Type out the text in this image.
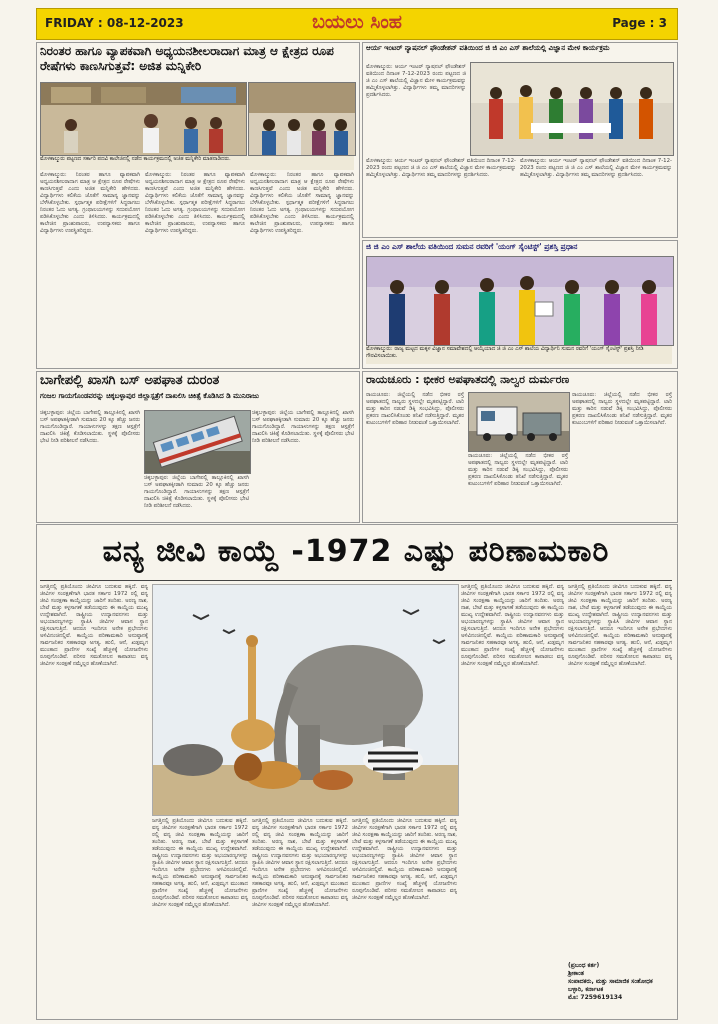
FRIDAY : 08-12-2023	ಬಯಲು ಸಿಂಹ	Page : 3
ನಿರಂತರ ಹಾಗೂ ವ್ಯಾಪಕವಾಗಿ ಅಧ್ಯಯನಶೀಲರಾದಾಗ ಮಾತ್ರ ಆ ಕ್ಷೇತ್ರದ ರೂಪ ರೇಷೆಗಳು ಕಾಣಸಿಗುತ್ತವೆ: ಅಜಿತ ಮನ್ನಿಕೇರಿ
ಮೊಳಕಾಲ್ಮುರು ಪಟ್ಟಣದ ಸರ್ಕಾರಿ ಪದವಿ ಕಾಲೇಜಿನಲ್ಲಿ ನಡೆದ ಕಾರ್ಯಕ್ರಮದಲ್ಲಿ ಅಜಿತ ಮನ್ನಿಕೇರಿ ಮಾತನಾಡಿದರು.
ಮೊಳಕಾಲ್ಮುರು: ನಿರಂತರ ಹಾಗೂ ವ್ಯಾಪಕವಾಗಿ ಅಧ್ಯಯನಶೀಲರಾದಾಗ ಮಾತ್ರ ಆ ಕ್ಷೇತ್ರದ ರೂಪ ರೇಷೆಗಳು ಕಾಣಸಿಗುತ್ತವೆ ಎಂದು ಅಜಿತ ಮನ್ನಿಕೇರಿ ಹೇಳಿದರು. ವಿದ್ಯಾರ್ಥಿಗಳು ಕಲಿಕೆಯ ಜೊತೆಗೆ ಸಾಮಾನ್ಯ ಜ್ಞಾನವನ್ನು ಬೆಳೆಸಿಕೊಳ್ಳಬೇಕು. ಸ್ಪರ್ಧಾತ್ಮಕ ಪರೀಕ್ಷೆಗಳಿಗೆ ಸಿದ್ಧರಾಗಲು ನಿರಂತರ ಓದು ಅಗತ್ಯ. ಗ್ರಂಥಾಲಯಗಳನ್ನು ಸದುಪಯೋಗ ಪಡಿಸಿಕೊಳ್ಳಬೇಕು ಎಂದು ತಿಳಿಸಿದರು. ಕಾರ್ಯಕ್ರಮದಲ್ಲಿ ಕಾಲೇಜಿನ ಪ್ರಾಂಶುಪಾಲರು, ಉಪನ್ಯಾಸಕರು ಹಾಗೂ ವಿದ್ಯಾರ್ಥಿಗಳು ಉಪಸ್ಥಿತರಿದ್ದರು.
ಮೊಳಕಾಲ್ಮುರು: ನಿರಂತರ ಹಾಗೂ ವ್ಯಾಪಕವಾಗಿ ಅಧ್ಯಯನಶೀಲರಾದಾಗ ಮಾತ್ರ ಆ ಕ್ಷೇತ್ರದ ರೂಪ ರೇಷೆಗಳು ಕಾಣಸಿಗುತ್ತವೆ ಎಂದು ಅಜಿತ ಮನ್ನಿಕೇರಿ ಹೇಳಿದರು. ವಿದ್ಯಾರ್ಥಿಗಳು ಕಲಿಕೆಯ ಜೊತೆಗೆ ಸಾಮಾನ್ಯ ಜ್ಞಾನವನ್ನು ಬೆಳೆಸಿಕೊಳ್ಳಬೇಕು. ಸ್ಪರ್ಧಾತ್ಮಕ ಪರೀಕ್ಷೆಗಳಿಗೆ ಸಿದ್ಧರಾಗಲು ನಿರಂತರ ಓದು ಅಗತ್ಯ. ಗ್ರಂಥಾಲಯಗಳನ್ನು ಸದುಪಯೋಗ ಪಡಿಸಿಕೊಳ್ಳಬೇಕು ಎಂದು ತಿಳಿಸಿದರು. ಕಾರ್ಯಕ್ರಮದಲ್ಲಿ ಕಾಲೇಜಿನ ಪ್ರಾಂಶುಪಾಲರು, ಉಪನ್ಯಾಸಕರು ಹಾಗೂ ವಿದ್ಯಾರ್ಥಿಗಳು ಉಪಸ್ಥಿತರಿದ್ದರು.
ಮೊಳಕಾಲ್ಮುರು: ನಿರಂತರ ಹಾಗೂ ವ್ಯಾಪಕವಾಗಿ ಅಧ್ಯಯನಶೀಲರಾದಾಗ ಮಾತ್ರ ಆ ಕ್ಷೇತ್ರದ ರೂಪ ರೇಷೆಗಳು ಕಾಣಸಿಗುತ್ತವೆ ಎಂದು ಅಜಿತ ಮನ್ನಿಕೇರಿ ಹೇಳಿದರು. ವಿದ್ಯಾರ್ಥಿಗಳು ಕಲಿಕೆಯ ಜೊತೆಗೆ ಸಾಮಾನ್ಯ ಜ್ಞಾನವನ್ನು ಬೆಳೆಸಿಕೊಳ್ಳಬೇಕು. ಸ್ಪರ್ಧಾತ್ಮಕ ಪರೀಕ್ಷೆಗಳಿಗೆ ಸಿದ್ಧರಾಗಲು ನಿರಂತರ ಓದು ಅಗತ್ಯ. ಗ್ರಂಥಾಲಯಗಳನ್ನು ಸದುಪಯೋಗ ಪಡಿಸಿಕೊಳ್ಳಬೇಕು ಎಂದು ತಿಳಿಸಿದರು. ಕಾರ್ಯಕ್ರಮದಲ್ಲಿ ಕಾಲೇಜಿನ ಪ್ರಾಂಶುಪಾಲರು, ಉಪನ್ಯಾಸಕರು ಹಾಗೂ ವಿದ್ಯಾರ್ಥಿಗಳು ಉಪಸ್ಥಿತರಿದ್ದರು.
ಆರ್ಯ ಇಂಟರ್ ನ್ಯಾಷನಲ್ ಫೌಂಡೇಶನ್ ವತಿಯಿಂದ ಜಿ ಜಿ ಎಂ ಎಸ್ ಶಾಲೆಯಲ್ಲಿ ವಿಜ್ಞಾನ ಮೇಳ ಕಾರ್ಯಕ್ರಮ
ಮೊಳಕಾಲ್ಮುರು: ಆರ್ಯ ಇಂಟರ್ ನ್ಯಾಷನಲ್ ಫೌಂಡೇಶನ್ ವತಿಯಿಂದ ದಿನಾಂಕ 7-12-2023 ರಂದು ಪಟ್ಟಣದ ಜಿ ಜಿ ಎಂ ಎಸ್ ಶಾಲೆಯಲ್ಲಿ ವಿಜ್ಞಾನ ಮೇಳ ಕಾರ್ಯಕ್ರಮವನ್ನು ಹಮ್ಮಿಕೊಳ್ಳಲಾಗಿತ್ತು. ವಿದ್ಯಾರ್ಥಿಗಳು ತಮ್ಮ ಮಾದರಿಗಳನ್ನು ಪ್ರದರ್ಶಿಸಿದರು.
ಮೊಳಕಾಲ್ಮುರು: ಆರ್ಯ ಇಂಟರ್ ನ್ಯಾಷನಲ್ ಫೌಂಡೇಶನ್ ವತಿಯಿಂದ ದಿನಾಂಕ 7-12-2023 ರಂದು ಪಟ್ಟಣದ ಜಿ ಜಿ ಎಂ ಎಸ್ ಶಾಲೆಯಲ್ಲಿ ವಿಜ್ಞಾನ ಮೇಳ ಕಾರ್ಯಕ್ರಮವನ್ನು ಹಮ್ಮಿಕೊಳ್ಳಲಾಗಿತ್ತು. ವಿದ್ಯಾರ್ಥಿಗಳು ತಮ್ಮ ಮಾದರಿಗಳನ್ನು ಪ್ರದರ್ಶಿಸಿದರು.
ಮೊಳಕಾಲ್ಮುರು: ಆರ್ಯ ಇಂಟರ್ ನ್ಯಾಷನಲ್ ಫೌಂಡೇಶನ್ ವತಿಯಿಂದ ದಿನಾಂಕ 7-12-2023 ರಂದು ಪಟ್ಟಣದ ಜಿ ಜಿ ಎಂ ಎಸ್ ಶಾಲೆಯಲ್ಲಿ ವಿಜ್ಞಾನ ಮೇಳ ಕಾರ್ಯಕ್ರಮವನ್ನು ಹಮ್ಮಿಕೊಳ್ಳಲಾಗಿತ್ತು. ವಿದ್ಯಾರ್ಥಿಗಳು ತಮ್ಮ ಮಾದರಿಗಳನ್ನು ಪ್ರದರ್ಶಿಸಿದರು.
ಜಿ ಜಿ ಎಂ ಎಸ್ ಶಾಲೆಯ ವತಿಯಿಂದ ಸುಮನ ರವರಿಗೆ 'ಯಂಗ್ ಸೈಂಟಿಸ್ಟ್' ಪ್ರಶಸ್ತಿ ಪ್ರಧಾನ
ಮೊಳಕಾಲ್ಮುರು: ರಾಜ್ಯ ಮಟ್ಟದ ಮಕ್ಕಳ ವಿಜ್ಞಾನ ಸಮಾವೇಶದಲ್ಲಿ ಆಯ್ಕೆಯಾದ ಜಿ ಜಿ ಎಂ ಎಸ್ ಶಾಲೆಯ ವಿದ್ಯಾರ್ಥಿನಿ ಸುಮನ ರವರಿಗೆ 'ಯಂಗ್ ಸೈಂಟಿಸ್ಟ್' ಪ್ರಶಸ್ತಿ ನೀಡಿ ಗೌರವಿಸಲಾಯಿತು.
ಬಾಗೇಪಲ್ಲಿ ಖಾಸಗಿ ಬಸ್ ಅಪಘಾತ ದುರಂತ
ಗಂಜಲ ಗಾಯಗೊಂಡವರನ್ನು ಚಿಕ್ಕಬಳ್ಳಾಪುರ ಜಿಲ್ಲಾಸ್ಪತ್ರೆಗೆ ದಾಖಲಿಸಿ ಚಿಕಿತ್ಸೆ ಕೊಡಿಸಿದ ಡಿ ಮುನಿರಾಜು
ಚಿಕ್ಕಬಳ್ಳಾಪುರ: ಜಿಲ್ಲೆಯ ಬಾಗೇಪಲ್ಲಿ ತಾಲ್ಲೂಕಿನಲ್ಲಿ ಖಾಸಗಿ ಬಸ್ ಅಪಘಾತಕ್ಕೀಡಾಗಿ ಸುಮಾರು 20 ಕ್ಕೂ ಹೆಚ್ಚು ಜನರು ಗಾಯಗೊಂಡಿದ್ದಾರೆ. ಗಾಯಾಳುಗಳನ್ನು ತಕ್ಷಣ ಆಸ್ಪತ್ರೆಗೆ ದಾಖಲಿಸಿ ಚಿಕಿತ್ಸೆ ಕೊಡಿಸಲಾಯಿತು. ಸ್ಥಳಕ್ಕೆ ಪೊಲೀಸರು ಭೇಟಿ ನೀಡಿ ಪರಿಶೀಲನೆ ನಡೆಸಿದರು.
ಚಿಕ್ಕಬಳ್ಳಾಪುರ: ಜಿಲ್ಲೆಯ ಬಾಗೇಪಲ್ಲಿ ತಾಲ್ಲೂಕಿನಲ್ಲಿ ಖಾಸಗಿ ಬಸ್ ಅಪಘಾತಕ್ಕೀಡಾಗಿ ಸುಮಾರು 20 ಕ್ಕೂ ಹೆಚ್ಚು ಜನರು ಗಾಯಗೊಂಡಿದ್ದಾರೆ. ಗಾಯಾಳುಗಳನ್ನು ತಕ್ಷಣ ಆಸ್ಪತ್ರೆಗೆ ದಾಖಲಿಸಿ ಚಿಕಿತ್ಸೆ ಕೊಡಿಸಲಾಯಿತು. ಸ್ಥಳಕ್ಕೆ ಪೊಲೀಸರು ಭೇಟಿ ನೀಡಿ ಪರಿಶೀಲನೆ ನಡೆಸಿದರು.
ಚಿಕ್ಕಬಳ್ಳಾಪುರ: ಜಿಲ್ಲೆಯ ಬಾಗೇಪಲ್ಲಿ ತಾಲ್ಲೂಕಿನಲ್ಲಿ ಖಾಸಗಿ ಬಸ್ ಅಪಘಾತಕ್ಕೀಡಾಗಿ ಸುಮಾರು 20 ಕ್ಕೂ ಹೆಚ್ಚು ಜನರು ಗಾಯಗೊಂಡಿದ್ದಾರೆ. ಗಾಯಾಳುಗಳನ್ನು ತಕ್ಷಣ ಆಸ್ಪತ್ರೆಗೆ ದಾಖಲಿಸಿ ಚಿಕಿತ್ಸೆ ಕೊಡಿಸಲಾಯಿತು. ಸ್ಥಳಕ್ಕೆ ಪೊಲೀಸರು ಭೇಟಿ ನೀಡಿ ಪರಿಶೀಲನೆ ನಡೆಸಿದರು.
ರಾಯಚೂರು : ಭೀಕರ ಅಪಘಾತದಲ್ಲಿ ನಾಲ್ವರ ದುರ್ಮರಣ
ರಾಯಚೂರು: ಜಿಲ್ಲೆಯಲ್ಲಿ ನಡೆದ ಭೀಕರ ರಸ್ತೆ ಅಪಘಾತದಲ್ಲಿ ನಾಲ್ವರು ಸ್ಥಳದಲ್ಲೇ ಮೃತಪಟ್ಟಿದ್ದಾರೆ. ಲಾರಿ ಮತ್ತು ಕಾರಿನ ನಡುವೆ ಡಿಕ್ಕಿ ಸಂಭವಿಸಿದ್ದು, ಪೊಲೀಸರು ಪ್ರಕರಣ ದಾಖಲಿಸಿಕೊಂಡು ತನಿಖೆ ನಡೆಸುತ್ತಿದ್ದಾರೆ. ಮೃತರ ಕುಟುಂಬಗಳಿಗೆ ಪರಿಹಾರ ನೀಡುವಂತೆ ಒತ್ತಾಯಿಸಲಾಗಿದೆ.
ರಾಯಚೂರು: ಜಿಲ್ಲೆಯಲ್ಲಿ ನಡೆದ ಭೀಕರ ರಸ್ತೆ ಅಪಘಾತದಲ್ಲಿ ನಾಲ್ವರು ಸ್ಥಳದಲ್ಲೇ ಮೃತಪಟ್ಟಿದ್ದಾರೆ. ಲಾರಿ ಮತ್ತು ಕಾರಿನ ನಡುವೆ ಡಿಕ್ಕಿ ಸಂಭವಿಸಿದ್ದು, ಪೊಲೀಸರು ಪ್ರಕರಣ ದಾಖಲಿಸಿಕೊಂಡು ತನಿಖೆ ನಡೆಸುತ್ತಿದ್ದಾರೆ. ಮೃತರ ಕುಟುಂಬಗಳಿಗೆ ಪರಿಹಾರ ನೀಡುವಂತೆ ಒತ್ತಾಯಿಸಲಾಗಿದೆ.
ರಾಯಚೂರು: ಜಿಲ್ಲೆಯಲ್ಲಿ ನಡೆದ ಭೀಕರ ರಸ್ತೆ ಅಪಘಾತದಲ್ಲಿ ನಾಲ್ವರು ಸ್ಥಳದಲ್ಲೇ ಮೃತಪಟ್ಟಿದ್ದಾರೆ. ಲಾರಿ ಮತ್ತು ಕಾರಿನ ನಡುವೆ ಡಿಕ್ಕಿ ಸಂಭವಿಸಿದ್ದು, ಪೊಲೀಸರು ಪ್ರಕರಣ ದಾಖಲಿಸಿಕೊಂಡು ತನಿಖೆ ನಡೆಸುತ್ತಿದ್ದಾರೆ. ಮೃತರ ಕುಟುಂಬಗಳಿಗೆ ಪರಿಹಾರ ನೀಡುವಂತೆ ಒತ್ತಾಯಿಸಲಾಗಿದೆ.
ವನ್ಯ ಜೀವಿ ಕಾಯ್ದೆ -1972 ಎಷ್ಟು ಪರಿಣಾಮಕಾರಿ
ಜಗತ್ತಿನಲ್ಲಿ ಪ್ರತಿಯೊಂದು ಜೀವಿಗೂ ಬದುಕುವ ಹಕ್ಕಿದೆ. ವನ್ಯ ಜೀವಿಗಳ ಸಂರಕ್ಷಣೆಗಾಗಿ ಭಾರತ ಸರ್ಕಾರ 1972 ರಲ್ಲಿ ವನ್ಯ ಜೀವಿ ಸಂರಕ್ಷಣಾ ಕಾಯ್ದೆಯನ್ನು ಜಾರಿಗೆ ತಂದಿತು. ಅರಣ್ಯ ನಾಶ, ಬೇಟೆ ಮತ್ತು ಕಳ್ಳಸಾಗಣೆ ತಡೆಯುವುದು ಈ ಕಾಯ್ದೆಯ ಮುಖ್ಯ ಉದ್ದೇಶವಾಗಿದೆ. ರಾಷ್ಟ್ರೀಯ ಉದ್ಯಾನವನಗಳು ಮತ್ತು ಅಭಯಾರಣ್ಯಗಳನ್ನು ಸ್ಥಾಪಿಸಿ ಜೀವಿಗಳ ಆವಾಸ ಸ್ಥಾನ ರಕ್ಷಿಸಲಾಗುತ್ತಿದೆ. ಆದರೂ ಇಂದಿಗೂ ಅನೇಕ ಪ್ರಭೇದಗಳು ಅಳಿವಿನಂಚಿನಲ್ಲಿವೆ. ಕಾಯ್ದೆಯ ಪರಿಣಾಮಕಾರಿ ಅನುಷ್ಠಾನಕ್ಕೆ ಸಾರ್ವಜನಿಕರ ಸಹಕಾರವೂ ಅಗತ್ಯ. ಹುಲಿ, ಆನೆ, ಖಡ್ಗಮೃಗ ಮುಂತಾದ ಪ್ರಾಣಿಗಳ ಸಂಖ್ಯೆ ಹೆಚ್ಚಳಕ್ಕೆ ಯೋಜನೆಗಳು ರೂಪುಗೊಂಡಿವೆ. ಪರಿಸರ ಸಮತೋಲನ ಕಾಪಾಡಲು ವನ್ಯ ಜೀವಿಗಳ ಸಂರಕ್ಷಣೆ ನಮ್ಮೆಲ್ಲರ ಹೊಣೆಯಾಗಿದೆ.
ಜಗತ್ತಿನಲ್ಲಿ ಪ್ರತಿಯೊಂದು ಜೀವಿಗೂ ಬದುಕುವ ಹಕ್ಕಿದೆ. ವನ್ಯ ಜೀವಿಗಳ ಸಂರಕ್ಷಣೆಗಾಗಿ ಭಾರತ ಸರ್ಕಾರ 1972 ರಲ್ಲಿ ವನ್ಯ ಜೀವಿ ಸಂರಕ್ಷಣಾ ಕಾಯ್ದೆಯನ್ನು ಜಾರಿಗೆ ತಂದಿತು. ಅರಣ್ಯ ನಾಶ, ಬೇಟೆ ಮತ್ತು ಕಳ್ಳಸಾಗಣೆ ತಡೆಯುವುದು ಈ ಕಾಯ್ದೆಯ ಮುಖ್ಯ ಉದ್ದೇಶವಾಗಿದೆ. ರಾಷ್ಟ್ರೀಯ ಉದ್ಯಾನವನಗಳು ಮತ್ತು ಅಭಯಾರಣ್ಯಗಳನ್ನು ಸ್ಥಾಪಿಸಿ ಜೀವಿಗಳ ಆವಾಸ ಸ್ಥಾನ ರಕ್ಷಿಸಲಾಗುತ್ತಿದೆ. ಆದರೂ ಇಂದಿಗೂ ಅನೇಕ ಪ್ರಭೇದಗಳು ಅಳಿವಿನಂಚಿನಲ್ಲಿವೆ. ಕಾಯ್ದೆಯ ಪರಿಣಾಮಕಾರಿ ಅನುಷ್ಠಾನಕ್ಕೆ ಸಾರ್ವಜನಿಕರ ಸಹಕಾರವೂ ಅಗತ್ಯ. ಹುಲಿ, ಆನೆ, ಖಡ್ಗಮೃಗ ಮುಂತಾದ ಪ್ರಾಣಿಗಳ ಸಂಖ್ಯೆ ಹೆಚ್ಚಳಕ್ಕೆ ಯೋಜನೆಗಳು ರೂಪುಗೊಂಡಿವೆ. ಪರಿಸರ ಸಮತೋಲನ ಕಾಪಾಡಲು ವನ್ಯ ಜೀವಿಗಳ ಸಂರಕ್ಷಣೆ ನಮ್ಮೆಲ್ಲರ ಹೊಣೆಯಾಗಿದೆ.
ಜಗತ್ತಿನಲ್ಲಿ ಪ್ರತಿಯೊಂದು ಜೀವಿಗೂ ಬದುಕುವ ಹಕ್ಕಿದೆ. ವನ್ಯ ಜೀವಿಗಳ ಸಂರಕ್ಷಣೆಗಾಗಿ ಭಾರತ ಸರ್ಕಾರ 1972 ರಲ್ಲಿ ವನ್ಯ ಜೀವಿ ಸಂರಕ್ಷಣಾ ಕಾಯ್ದೆಯನ್ನು ಜಾರಿಗೆ ತಂದಿತು. ಅರಣ್ಯ ನಾಶ, ಬೇಟೆ ಮತ್ತು ಕಳ್ಳಸಾಗಣೆ ತಡೆಯುವುದು ಈ ಕಾಯ್ದೆಯ ಮುಖ್ಯ ಉದ್ದೇಶವಾಗಿದೆ. ರಾಷ್ಟ್ರೀಯ ಉದ್ಯಾನವನಗಳು ಮತ್ತು ಅಭಯಾರಣ್ಯಗಳನ್ನು ಸ್ಥಾಪಿಸಿ ಜೀವಿಗಳ ಆವಾಸ ಸ್ಥಾನ ರಕ್ಷಿಸಲಾಗುತ್ತಿದೆ. ಆದರೂ ಇಂದಿಗೂ ಅನೇಕ ಪ್ರಭೇದಗಳು ಅಳಿವಿನಂಚಿನಲ್ಲಿವೆ. ಕಾಯ್ದೆಯ ಪರಿಣಾಮಕಾರಿ ಅನುಷ್ಠಾನಕ್ಕೆ ಸಾರ್ವಜನಿಕರ ಸಹಕಾರವೂ ಅಗತ್ಯ. ಹುಲಿ, ಆನೆ, ಖಡ್ಗಮೃಗ ಮುಂತಾದ ಪ್ರಾಣಿಗಳ ಸಂಖ್ಯೆ ಹೆಚ್ಚಳಕ್ಕೆ ಯೋಜನೆಗಳು ರೂಪುಗೊಂಡಿವೆ. ಪರಿಸರ ಸಮತೋಲನ ಕಾಪಾಡಲು ವನ್ಯ ಜೀವಿಗಳ ಸಂರಕ್ಷಣೆ ನಮ್ಮೆಲ್ಲರ ಹೊಣೆಯಾಗಿದೆ.
ಜಗತ್ತಿನಲ್ಲಿ ಪ್ರತಿಯೊಂದು ಜೀವಿಗೂ ಬದುಕುವ ಹಕ್ಕಿದೆ. ವನ್ಯ ಜೀವಿಗಳ ಸಂರಕ್ಷಣೆಗಾಗಿ ಭಾರತ ಸರ್ಕಾರ 1972 ರಲ್ಲಿ ವನ್ಯ ಜೀವಿ ಸಂರಕ್ಷಣಾ ಕಾಯ್ದೆಯನ್ನು ಜಾರಿಗೆ ತಂದಿತು. ಅರಣ್ಯ ನಾಶ, ಬೇಟೆ ಮತ್ತು ಕಳ್ಳಸಾಗಣೆ ತಡೆಯುವುದು ಈ ಕಾಯ್ದೆಯ ಮುಖ್ಯ ಉದ್ದೇಶವಾಗಿದೆ. ರಾಷ್ಟ್ರೀಯ ಉದ್ಯಾನವನಗಳು ಮತ್ತು ಅಭಯಾರಣ್ಯಗಳನ್ನು ಸ್ಥಾಪಿಸಿ ಜೀವಿಗಳ ಆವಾಸ ಸ್ಥಾನ ರಕ್ಷಿಸಲಾಗುತ್ತಿದೆ. ಆದರೂ ಇಂದಿಗೂ ಅನೇಕ ಪ್ರಭೇದಗಳು ಅಳಿವಿನಂಚಿನಲ್ಲಿವೆ. ಕಾಯ್ದೆಯ ಪರಿಣಾಮಕಾರಿ ಅನುಷ್ಠಾನಕ್ಕೆ ಸಾರ್ವಜನಿಕರ ಸಹಕಾರವೂ ಅಗತ್ಯ. ಹುಲಿ, ಆನೆ, ಖಡ್ಗಮೃಗ ಮುಂತಾದ ಪ್ರಾಣಿಗಳ ಸಂಖ್ಯೆ ಹೆಚ್ಚಳಕ್ಕೆ ಯೋಜನೆಗಳು ರೂಪುಗೊಂಡಿವೆ. ಪರಿಸರ ಸಮತೋಲನ ಕಾಪಾಡಲು ವನ್ಯ ಜೀವಿಗಳ ಸಂರಕ್ಷಣೆ ನಮ್ಮೆಲ್ಲರ ಹೊಣೆಯಾಗಿದೆ.
ಜಗತ್ತಿನಲ್ಲಿ ಪ್ರತಿಯೊಂದು ಜೀವಿಗೂ ಬದುಕುವ ಹಕ್ಕಿದೆ. ವನ್ಯ ಜೀವಿಗಳ ಸಂರಕ್ಷಣೆಗಾಗಿ ಭಾರತ ಸರ್ಕಾರ 1972 ರಲ್ಲಿ ವನ್ಯ ಜೀವಿ ಸಂರಕ್ಷಣಾ ಕಾಯ್ದೆಯನ್ನು ಜಾರಿಗೆ ತಂದಿತು. ಅರಣ್ಯ ನಾಶ, ಬೇಟೆ ಮತ್ತು ಕಳ್ಳಸಾಗಣೆ ತಡೆಯುವುದು ಈ ಕಾಯ್ದೆಯ ಮುಖ್ಯ ಉದ್ದೇಶವಾಗಿದೆ. ರಾಷ್ಟ್ರೀಯ ಉದ್ಯಾನವನಗಳು ಮತ್ತು ಅಭಯಾರಣ್ಯಗಳನ್ನು ಸ್ಥಾಪಿಸಿ ಜೀವಿಗಳ ಆವಾಸ ಸ್ಥಾನ ರಕ್ಷಿಸಲಾಗುತ್ತಿದೆ. ಆದರೂ ಇಂದಿಗೂ ಅನೇಕ ಪ್ರಭೇದಗಳು ಅಳಿವಿನಂಚಿನಲ್ಲಿವೆ. ಕಾಯ್ದೆಯ ಪರಿಣಾಮಕಾರಿ ಅನುಷ್ಠಾನಕ್ಕೆ ಸಾರ್ವಜನಿಕರ ಸಹಕಾರವೂ ಅಗತ್ಯ. ಹುಲಿ, ಆನೆ, ಖಡ್ಗಮೃಗ ಮುಂತಾದ ಪ್ರಾಣಿಗಳ ಸಂಖ್ಯೆ ಹೆಚ್ಚಳಕ್ಕೆ ಯೋಜನೆಗಳು ರೂಪುಗೊಂಡಿವೆ. ಪರಿಸರ ಸಮತೋಲನ ಕಾಪಾಡಲು ವನ್ಯ ಜೀವಿಗಳ ಸಂರಕ್ಷಣೆ ನಮ್ಮೆಲ್ಲರ ಹೊಣೆಯಾಗಿದೆ.
ಜಗತ್ತಿನಲ್ಲಿ ಪ್ರತಿಯೊಂದು ಜೀವಿಗೂ ಬದುಕುವ ಹಕ್ಕಿದೆ. ವನ್ಯ ಜೀವಿಗಳ ಸಂರಕ್ಷಣೆಗಾಗಿ ಭಾರತ ಸರ್ಕಾರ 1972 ರಲ್ಲಿ ವನ್ಯ ಜೀವಿ ಸಂರಕ್ಷಣಾ ಕಾಯ್ದೆಯನ್ನು ಜಾರಿಗೆ ತಂದಿತು. ಅರಣ್ಯ ನಾಶ, ಬೇಟೆ ಮತ್ತು ಕಳ್ಳಸಾಗಣೆ ತಡೆಯುವುದು ಈ ಕಾಯ್ದೆಯ ಮುಖ್ಯ ಉದ್ದೇಶವಾಗಿದೆ. ರಾಷ್ಟ್ರೀಯ ಉದ್ಯಾನವನಗಳು ಮತ್ತು ಅಭಯಾರಣ್ಯಗಳನ್ನು ಸ್ಥಾಪಿಸಿ ಜೀವಿಗಳ ಆವಾಸ ಸ್ಥಾನ ರಕ್ಷಿಸಲಾಗುತ್ತಿದೆ. ಆದರೂ ಇಂದಿಗೂ ಅನೇಕ ಪ್ರಭೇದಗಳು ಅಳಿವಿನಂಚಿನಲ್ಲಿವೆ. ಕಾಯ್ದೆಯ ಪರಿಣಾಮಕಾರಿ ಅನುಷ್ಠಾನಕ್ಕೆ ಸಾರ್ವಜನಿಕರ ಸಹಕಾರವೂ ಅಗತ್ಯ. ಹುಲಿ, ಆನೆ, ಖಡ್ಗಮೃಗ ಮುಂತಾದ ಪ್ರಾಣಿಗಳ ಸಂಖ್ಯೆ ಹೆಚ್ಚಳಕ್ಕೆ ಯೋಜನೆಗಳು ರೂಪುಗೊಂಡಿವೆ. ಪರಿಸರ ಸಮತೋಲನ ಕಾಪಾಡಲು ವನ್ಯ ಜೀವಿಗಳ ಸಂರಕ್ಷಣೆ ನಮ್ಮೆಲ್ಲರ ಹೊಣೆಯಾಗಿದೆ.
(ಪ್ರಬಂಧ ಕರ್ತ)
ಶ್ರೀಕಾಂತ
ಸಂಪಾದಕರು, ಮತ್ತು ಸಾಮಾಜಿಕ ಸಂಶೋಧಕ
ಬಳ್ಳಾರಿ, ಕರ್ನಾಟಕ
ಮೊ: 7259619134
